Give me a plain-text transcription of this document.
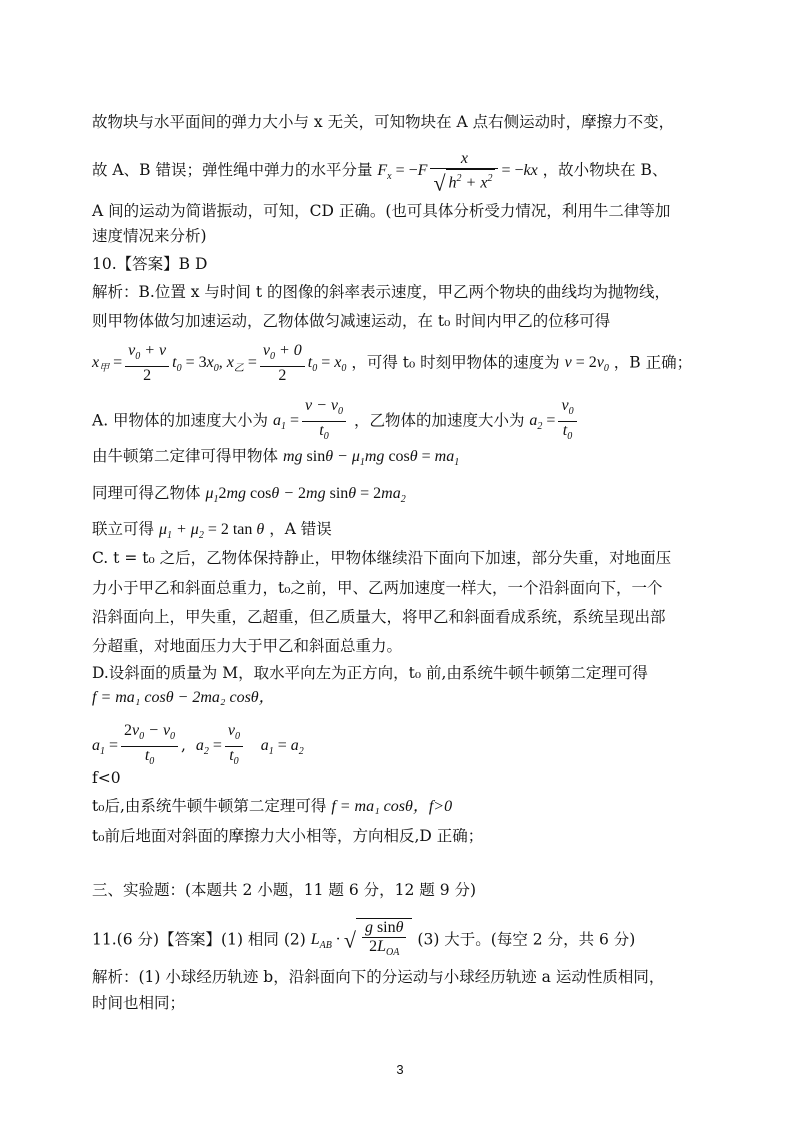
故物块与水平面间的弹力大小与 x 无关，可知物块在 A 点右侧运动时，摩擦力不变，
故 A、B 错误；弹性绳中弹力的水平分量 $F_x = -F \frac{x}{√ h^2 + x^2} = -kx$ ，故小物块在 B、
A 间的运动为简谐振动，可知，CD 正确。(也可具体分析受力情况，利用牛二律等加
速度情况来分析)
10.【答案】B D
解析：B.位置 x 与时间 t 的图像的斜率表示速度，甲乙两个物块的曲线均为抛物线，
则甲物体做匀加速运动，乙物体做匀减速运动，在 t₀ 时间内甲乙的位移可得
$x_甲 = \frac{v_0 + v}{2} t_0 = 3x_0$, $x_乙 = \frac{v_0 + 0}{2} t_0 = x_0$ ，可得 t₀ 时刻甲物体的速度为 $v = 2v_0$ ，B 正确；
A. 甲物体的加速度大小为 $a_1 = \frac{v - v_0}{t_0}$ ，乙物体的加速度大小为 $a_2 = \frac{v_0}{t_0}$
由牛顿第二定律可得甲物体 mg $\sin\theta - \mu_1mg$ $\cos\theta = ma_1$
同理可得乙物体 $\mu_12mg$ cosθ − 2mg $\sin\theta = 2ma_2$
联立可得 $\mu_1 + \mu_2 = 2$ tan θ ，A 错误
C. t = t₀ 之后，乙物体保持静止，甲物体继续沿下面向下加速，部分失重，对地面压
力小于甲乙和斜面总重力，t₀之前，甲、乙两加速度一样大，一个沿斜面向下，一个
沿斜面向上，甲失重，乙超重，但乙质量大，将甲乙和斜面看成系统，系统呈现出部
分超重，对地面压力大于甲乙和斜面总重力。
D.设斜面的质量为 M，取水平向左为正方向，t₀ 前,由系统牛顿牛顿第二定理可得
f = ma₁ cosθ − 2ma₂ cosθ，
$a_1 = \frac{2v_0 - v_0}{t_0}$ ,  $a_2 = \frac{v_0}{t_0} a_1 = a_2$
f<0
t₀后,由系统牛顿牛顿第二定理可得 f = ma₁ cosθ，f>0
t₀前后地面对斜面的摩擦力大小相等，方向相反,D 正确；
三、实验题：(本题共 2 小题，11 题 6 分，12 题 9 分)
11.(6 分)【答案】(1) 相同 (2) $L_{AB}$ · √ $\frac{\text{g sinθ}}{2L_{OA}} (3)$ 大于。(每空 2 分，共 6 分)
解析：(1) 小球经历轨迹 b，沿斜面向下的分运动与小球经历轨迹 a 运动性质相同，
时间也相同；
3
